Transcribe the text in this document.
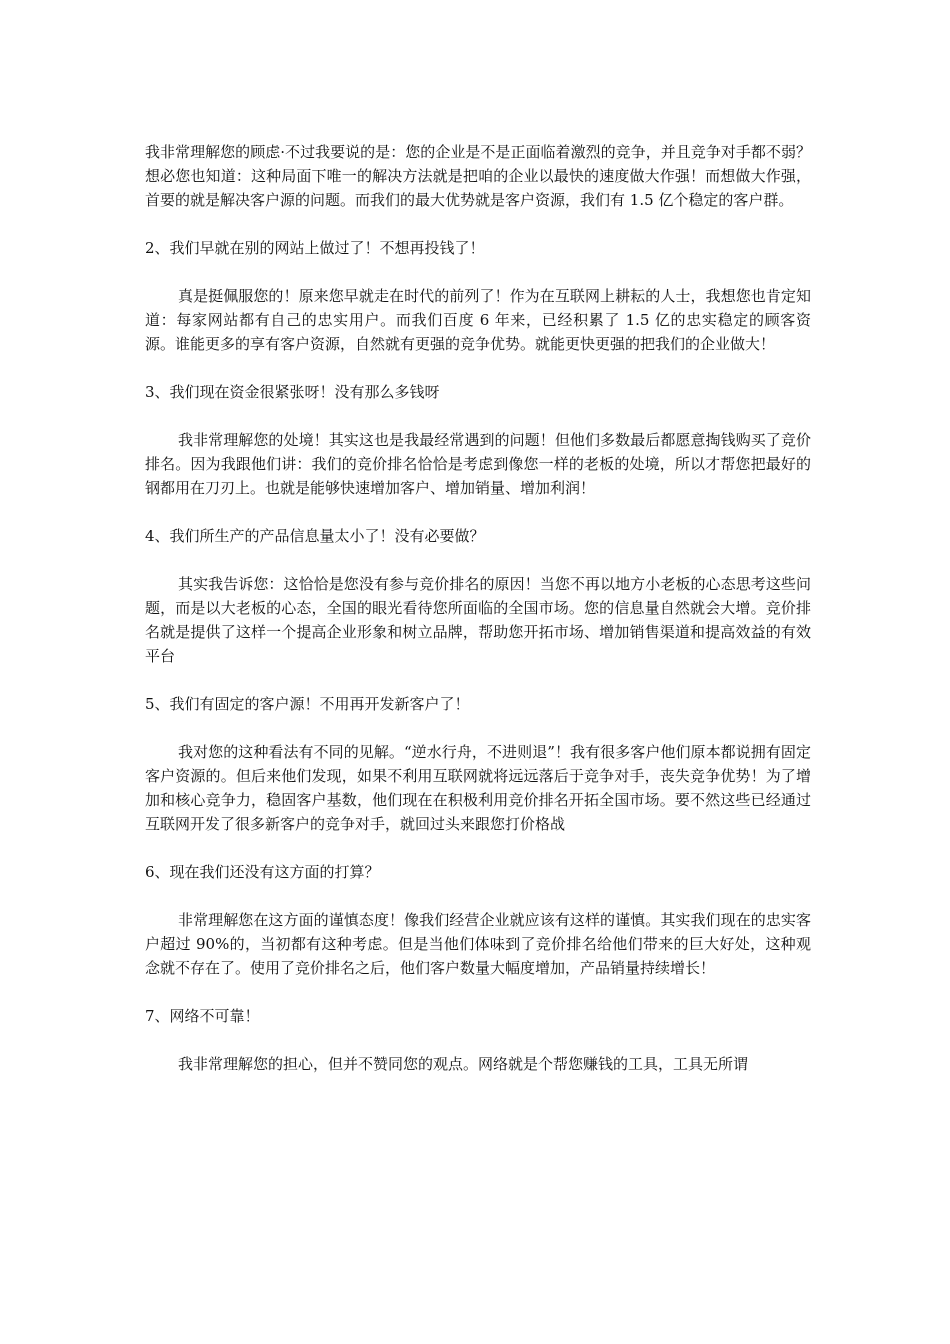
我非常理解您的顾虑·不过我要说的是：您的企业是不是正面临着激烈的竞争，并且竞争对手都不弱？想必您也知道：这种局面下唯一的解决方法就是把咱的企业以最快的速度做大作强！而想做大作强，首要的就是解决客户源的问题。而我们的最大优势就是客户资源，我们有 1.5 亿个稳定的客户群。

2、我们早就在别的网站上做过了！不想再投钱了！

真是挺佩服您的！原来您早就走在时代的前列了！作为在互联网上耕耘的人士，我想您也肯定知道：每家网站都有自己的忠实用户。而我们百度 6 年来，已经积累了 1.5 亿的忠实稳定的顾客资源。谁能更多的享有客户资源，自然就有更强的竞争优势。就能更快更强的把我们的企业做大！

3、我们现在资金很紧张呀！没有那么多钱呀

我非常理解您的处境！其实这也是我最经常遇到的问题！但他们多数最后都愿意掏钱购买了竞价排名。因为我跟他们讲：我们的竞价排名恰恰是考虑到像您一样的老板的处境，所以才帮您把最好的钢都用在刀刃上。也就是能够快速增加客户、增加销量、增加利润！

4、我们所生产的产品信息量太小了！没有必要做？

其实我告诉您：这恰恰是您没有参与竞价排名的原因！当您不再以地方小老板的心态思考这些问题，而是以大老板的心态，全国的眼光看待您所面临的全国市场。您的信息量自然就会大增。竞价排名就是提供了这样一个提高企业形象和树立品牌，帮助您开拓市场、增加销售渠道和提高效益的有效平台

5、我们有固定的客户源！不用再开发新客户了！

我对您的这种看法有不同的见解。“逆水行舟，不进则退”！我有很多客户他们原本都说拥有固定客户资源的。但后来他们发现，如果不利用互联网就将远远落后于竞争对手，丧失竞争优势！为了增加和核心竞争力，稳固客户基数，他们现在在积极利用竞价排名开拓全国市场。要不然这些已经通过互联网开发了很多新客户的竞争对手，就回过头来跟您打价格战

6、现在我们还没有这方面的打算？

非常理解您在这方面的谨慎态度！像我们经营企业就应该有这样的谨慎。其实我们现在的忠实客户超过 90%的，当初都有这种考虑。但是当他们体味到了竞价排名给他们带来的巨大好处，这种观念就不存在了。使用了竞价排名之后，他们客户数量大幅度增加，产品销量持续增长！

7、网络不可靠！

我非常理解您的担心，但并不赞同您的观点。网络就是个帮您赚钱的工具，工具无所谓
